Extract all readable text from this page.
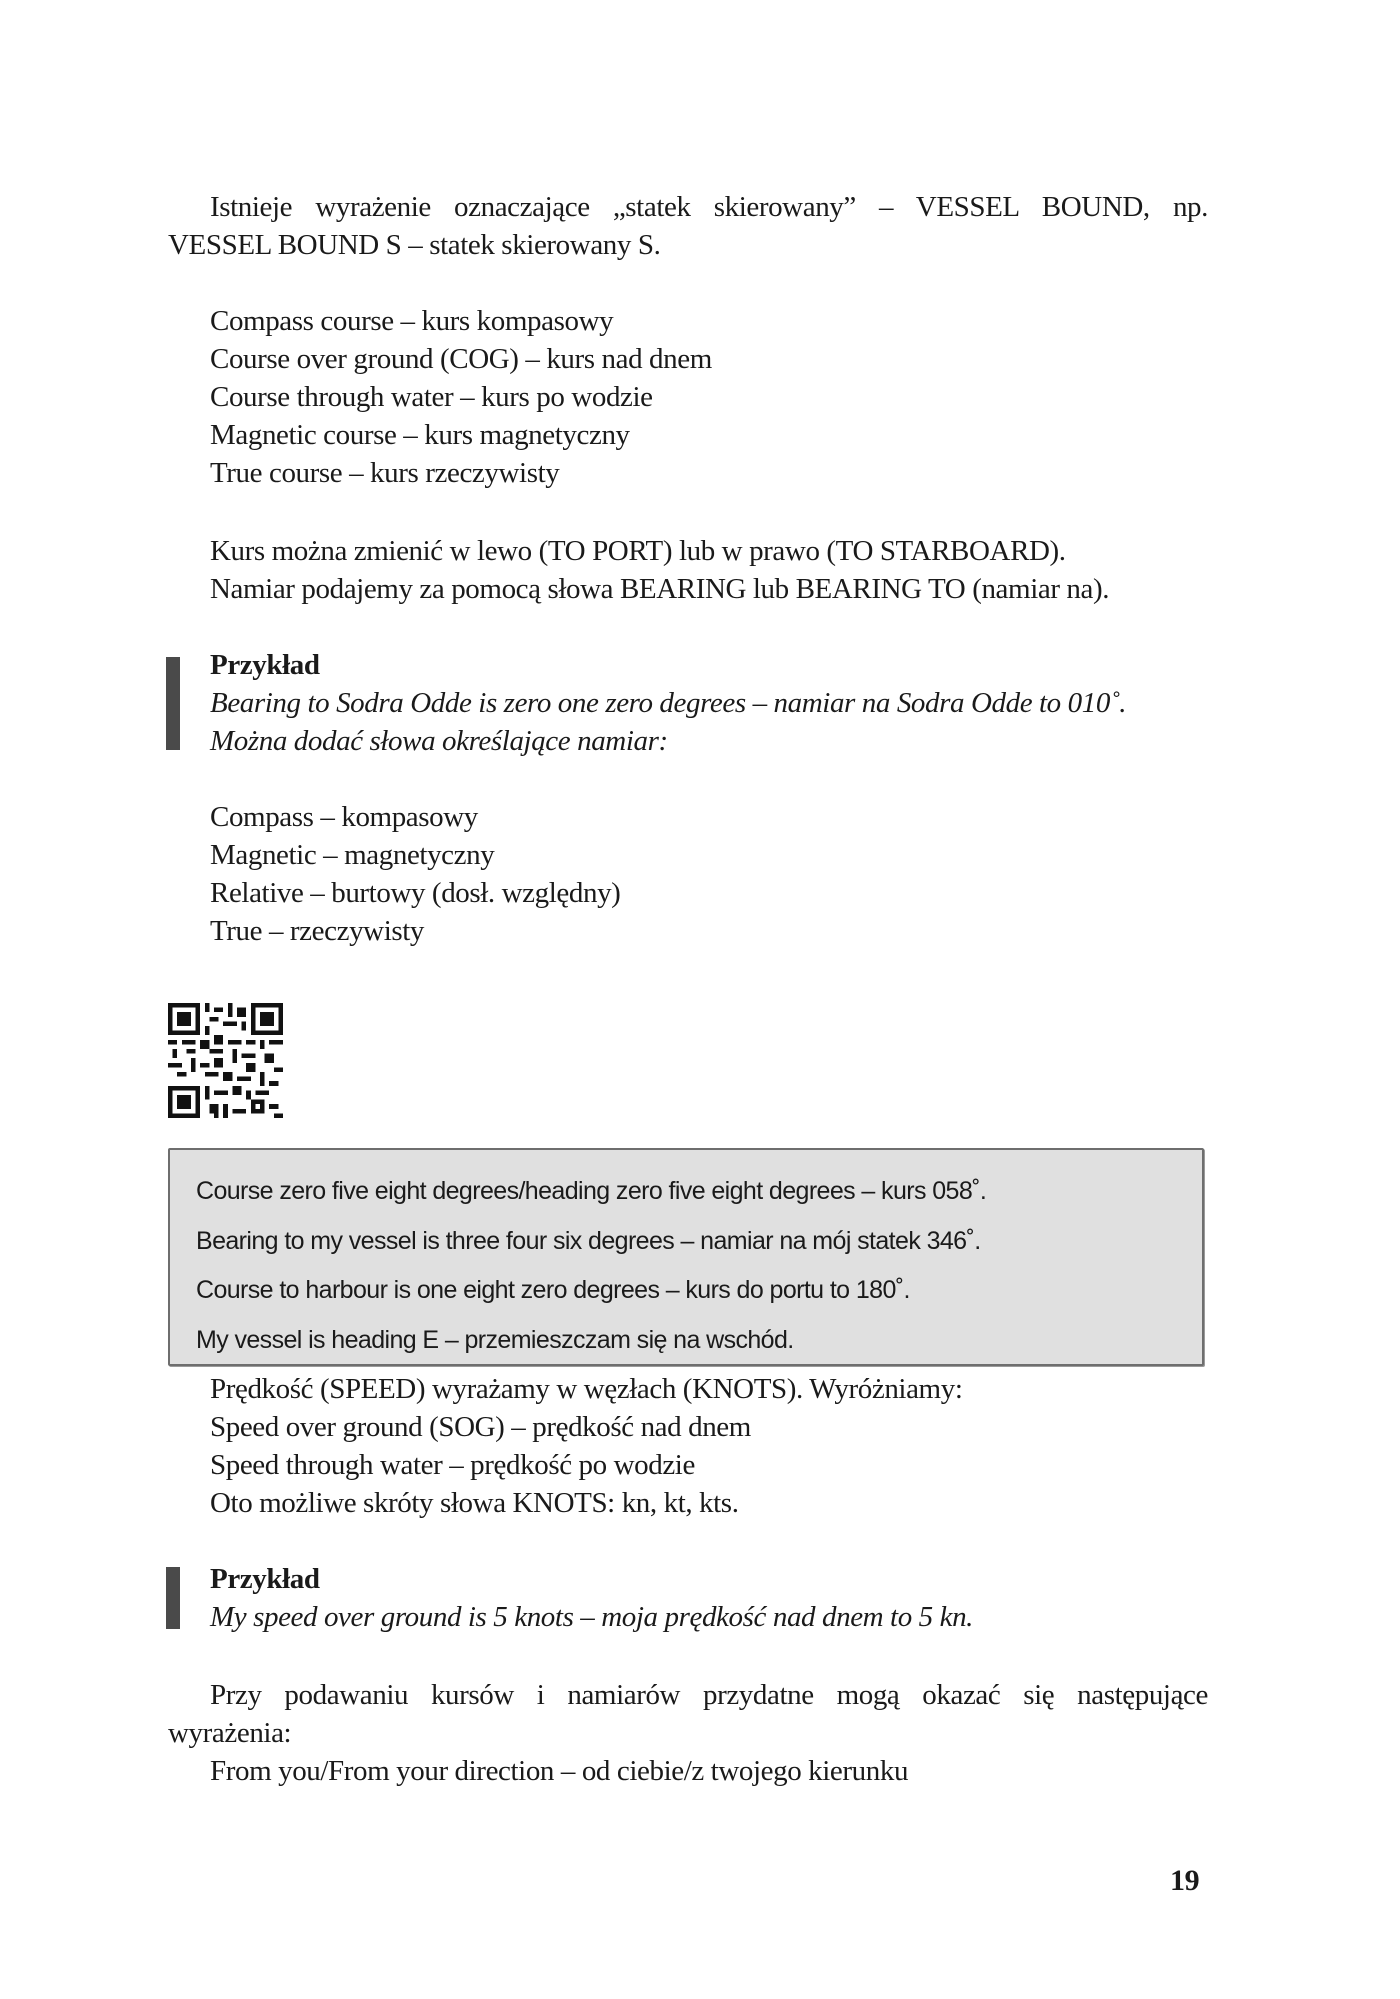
Istnieje wyrażenie oznaczające „statek skierowany” – VESSEL BOUND, np.
VESSEL BOUND S – statek skierowany S.
Compass course – kurs kompasowy
Course over ground (COG) – kurs nad dnem
Course through water – kurs po wodzie
Magnetic course – kurs magnetyczny
True course – kurs rzeczywisty
Kurs można zmienić w lewo (TO PORT) lub w prawo (TO STARBOARD).
Namiar podajemy za pomocą słowa BEARING lub BEARING TO (namiar na).
Przykład
Bearing to Sodra Odde is zero one zero degrees – namiar na Sodra Odde to 010˚.
Można dodać słowa określające namiar:
Compass – kompasowy
Magnetic – magnetyczny
Relative – burtowy (dosł. względny)
True – rzeczywisty
Course zero five eight degrees/heading zero five eight degrees – kurs 058˚.
Bearing to my vessel is three four six degrees – namiar na mój statek 346˚.
Course to harbour is one eight zero degrees – kurs do portu to 180˚.
My vessel is heading E – przemieszczam się na wschód.
Prędkość (SPEED) wyrażamy w węzłach (KNOTS). Wyróżniamy:
Speed over ground (SOG) – prędkość nad dnem
Speed through water – prędkość po wodzie
Oto możliwe skróty słowa KNOTS: kn, kt, kts.
Przykład
My speed over ground is 5 knots – moja prędkość nad dnem to 5 kn.
Przy podawaniu kursów i namiarów przydatne mogą okazać się następujące
wyrażenia:
From you/From your direction – od ciebie/z twojego kierunku
19
